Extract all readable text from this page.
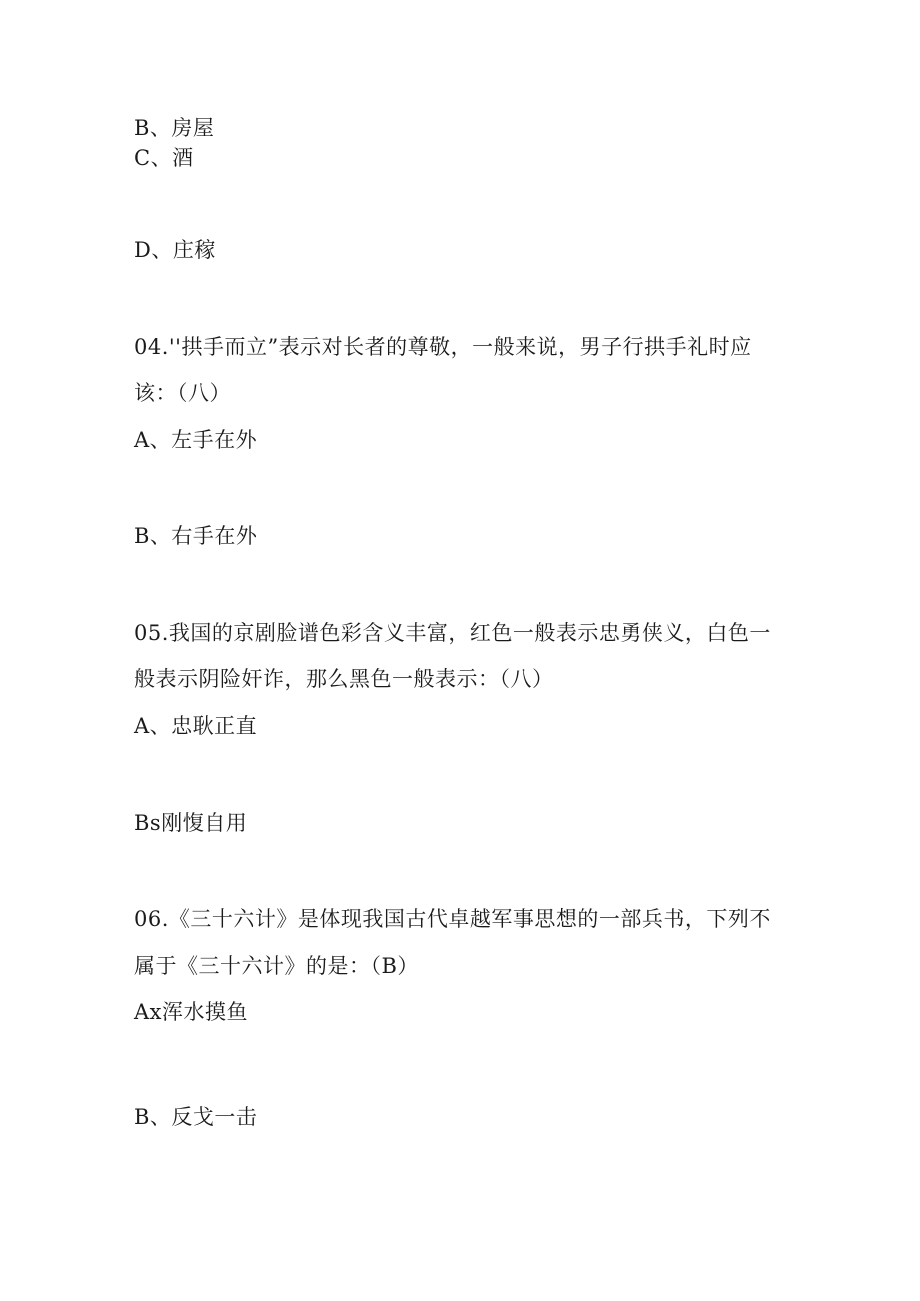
B、房屋
C、酒
D、庄稼
04.''拱手而立”表示对长者的尊敬，一般来说，男子行拱手礼时应
该：（八）
A、左手在外
B、右手在外
05.我国的京剧脸谱色彩含义丰富，红色一般表示忠勇侠义，白色一
般表示阴险奸诈，那么黑色一般表示：（八）
A、忠耿正直
Bs刚愎自用
06.《三十六计》是体现我国古代卓越军事思想的一部兵书，下列不
属于《三十六计》的是：（B）
Ax浑水摸鱼
B、反戈一击
